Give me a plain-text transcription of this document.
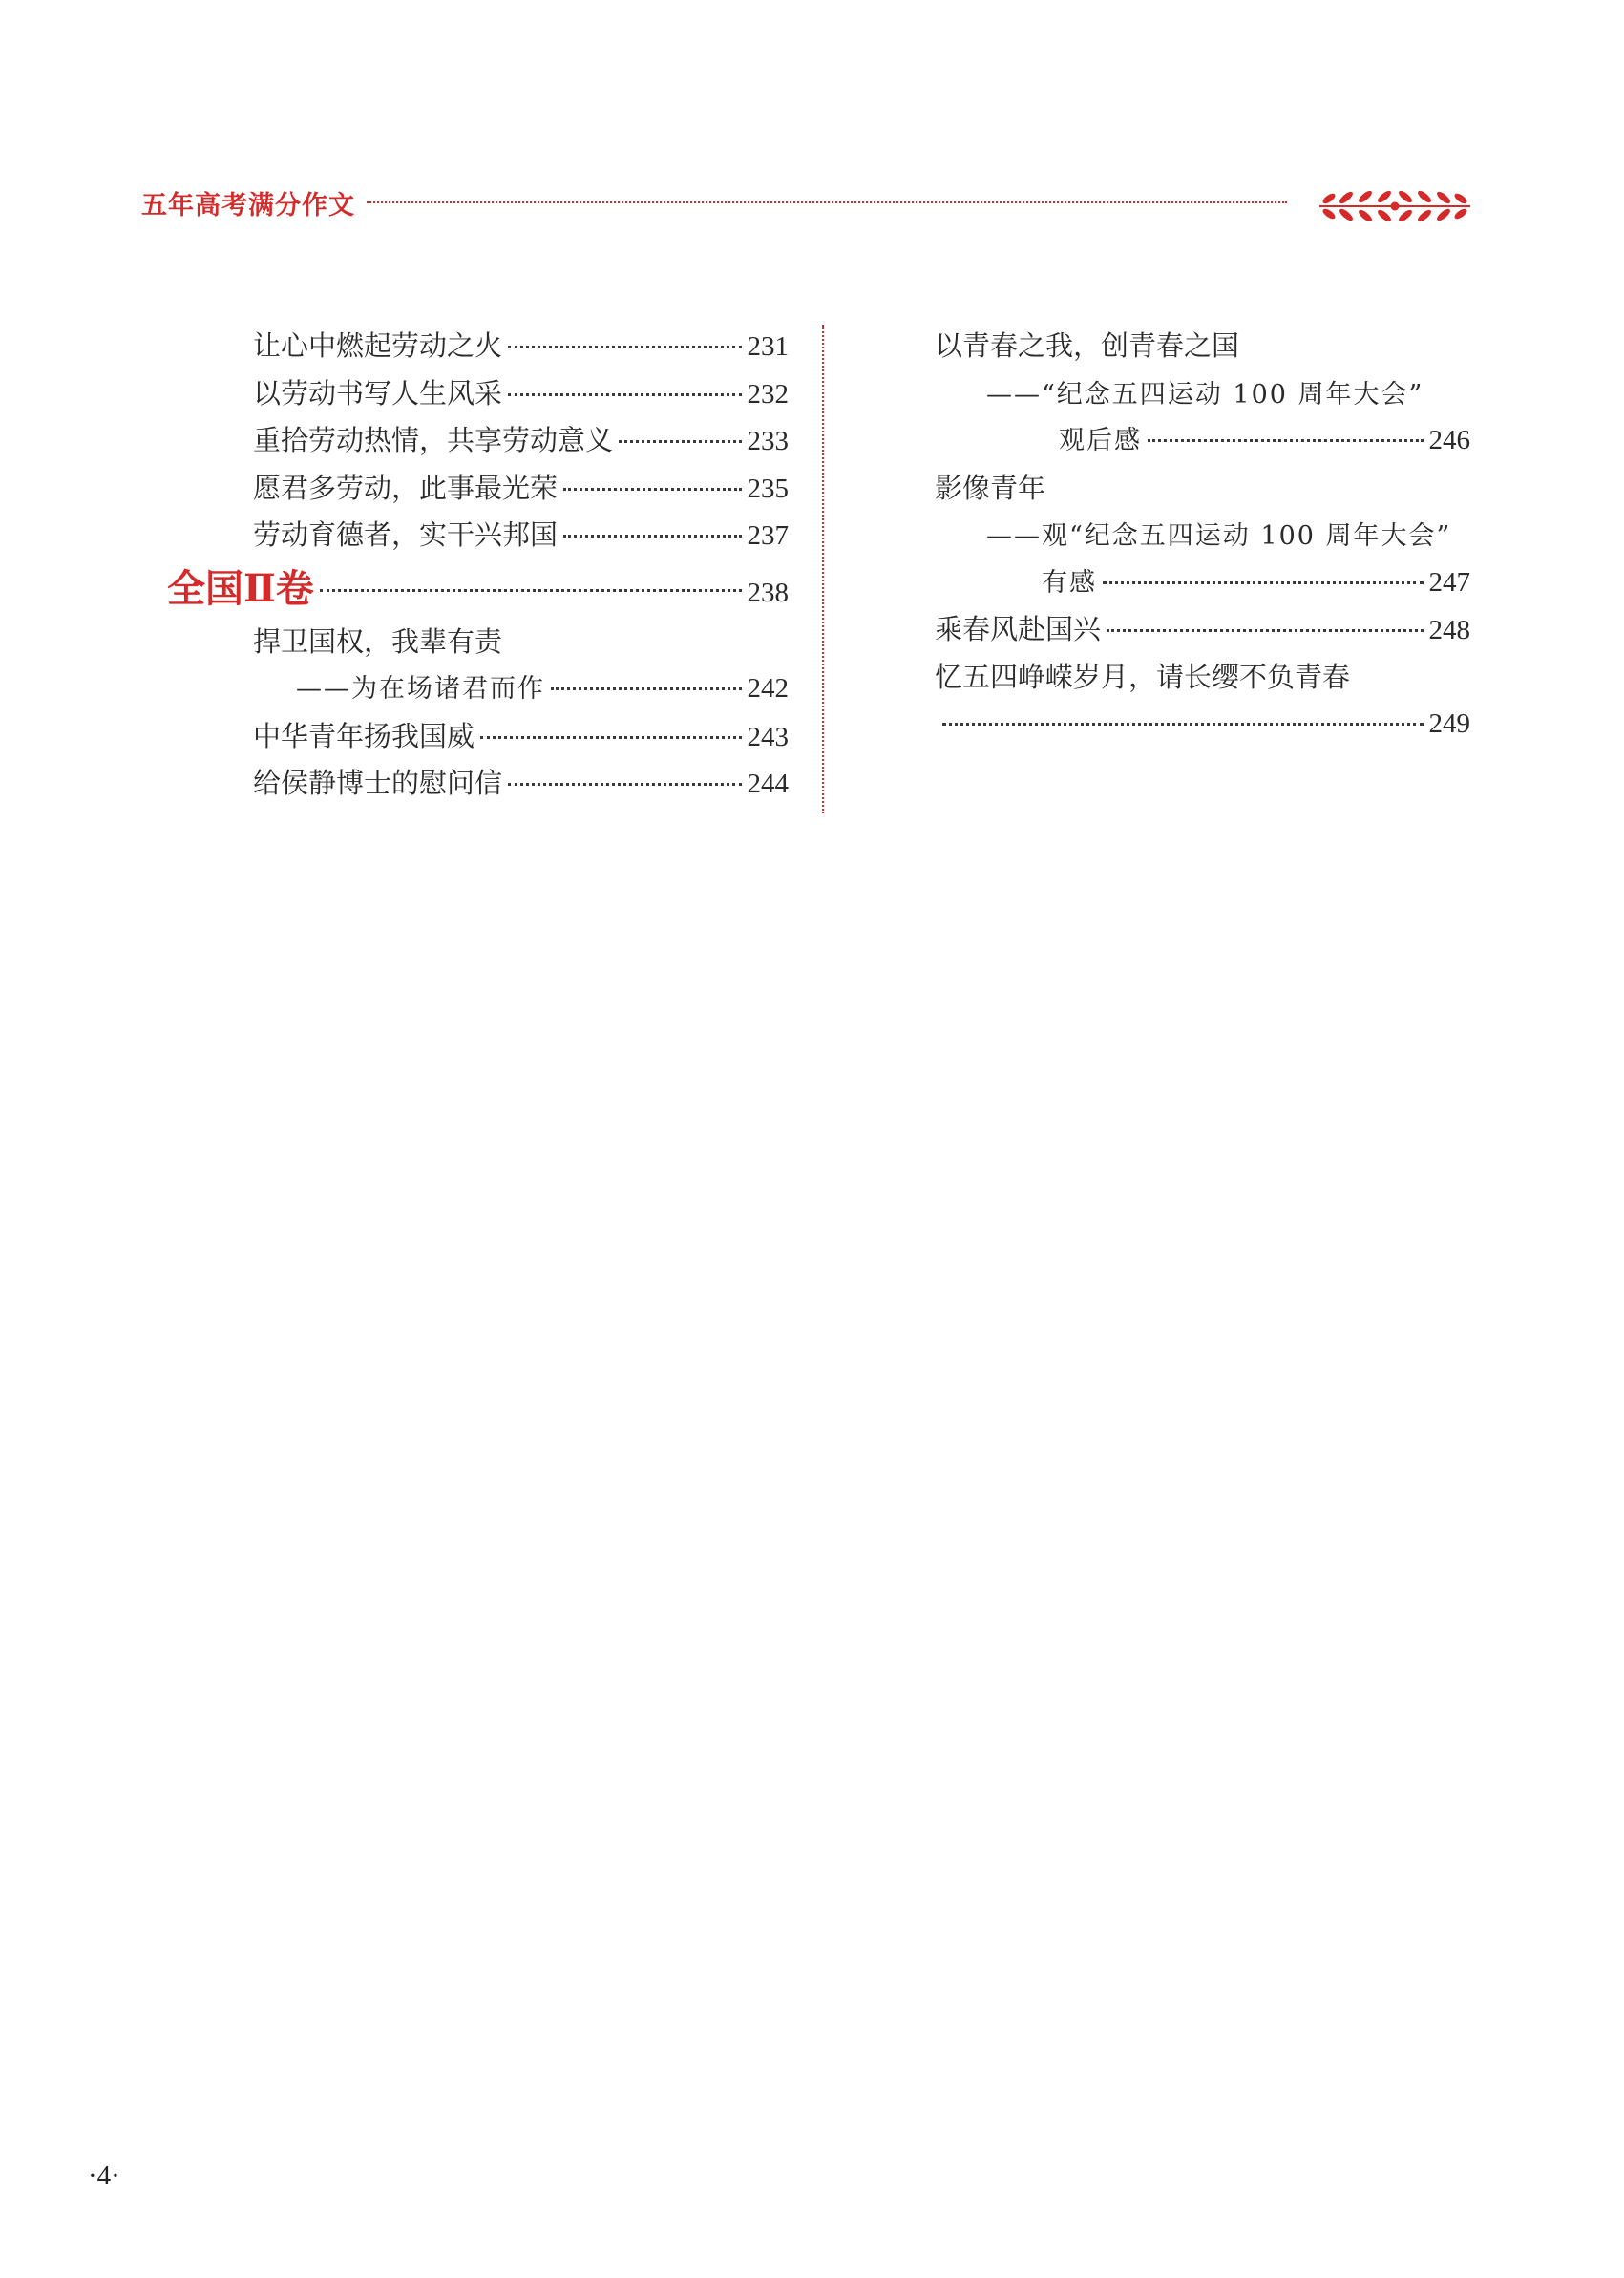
五年高考满分作文
让心中燃起劳动之火	231
以劳动书写人生风采	232
重拾劳动热情，共享劳动意义	233
愿君多劳动，此事最光荣	235
劳动育德者，实干兴邦国	237
全国Ⅱ卷	238
捍卫国权，我辈有责
——为在场诸君而作	242
中华青年扬我国威	243
给侯静博士的慰问信	244
以青春之我，创青春之国
——“纪念五四运动 100 周年大会”
观后感	246
影像青年
——观“纪念五四运动 100 周年大会”
有感	247
乘春风赴国兴	248
忆五四峥嵘岁月，请长缨不负青春
249
·4·
